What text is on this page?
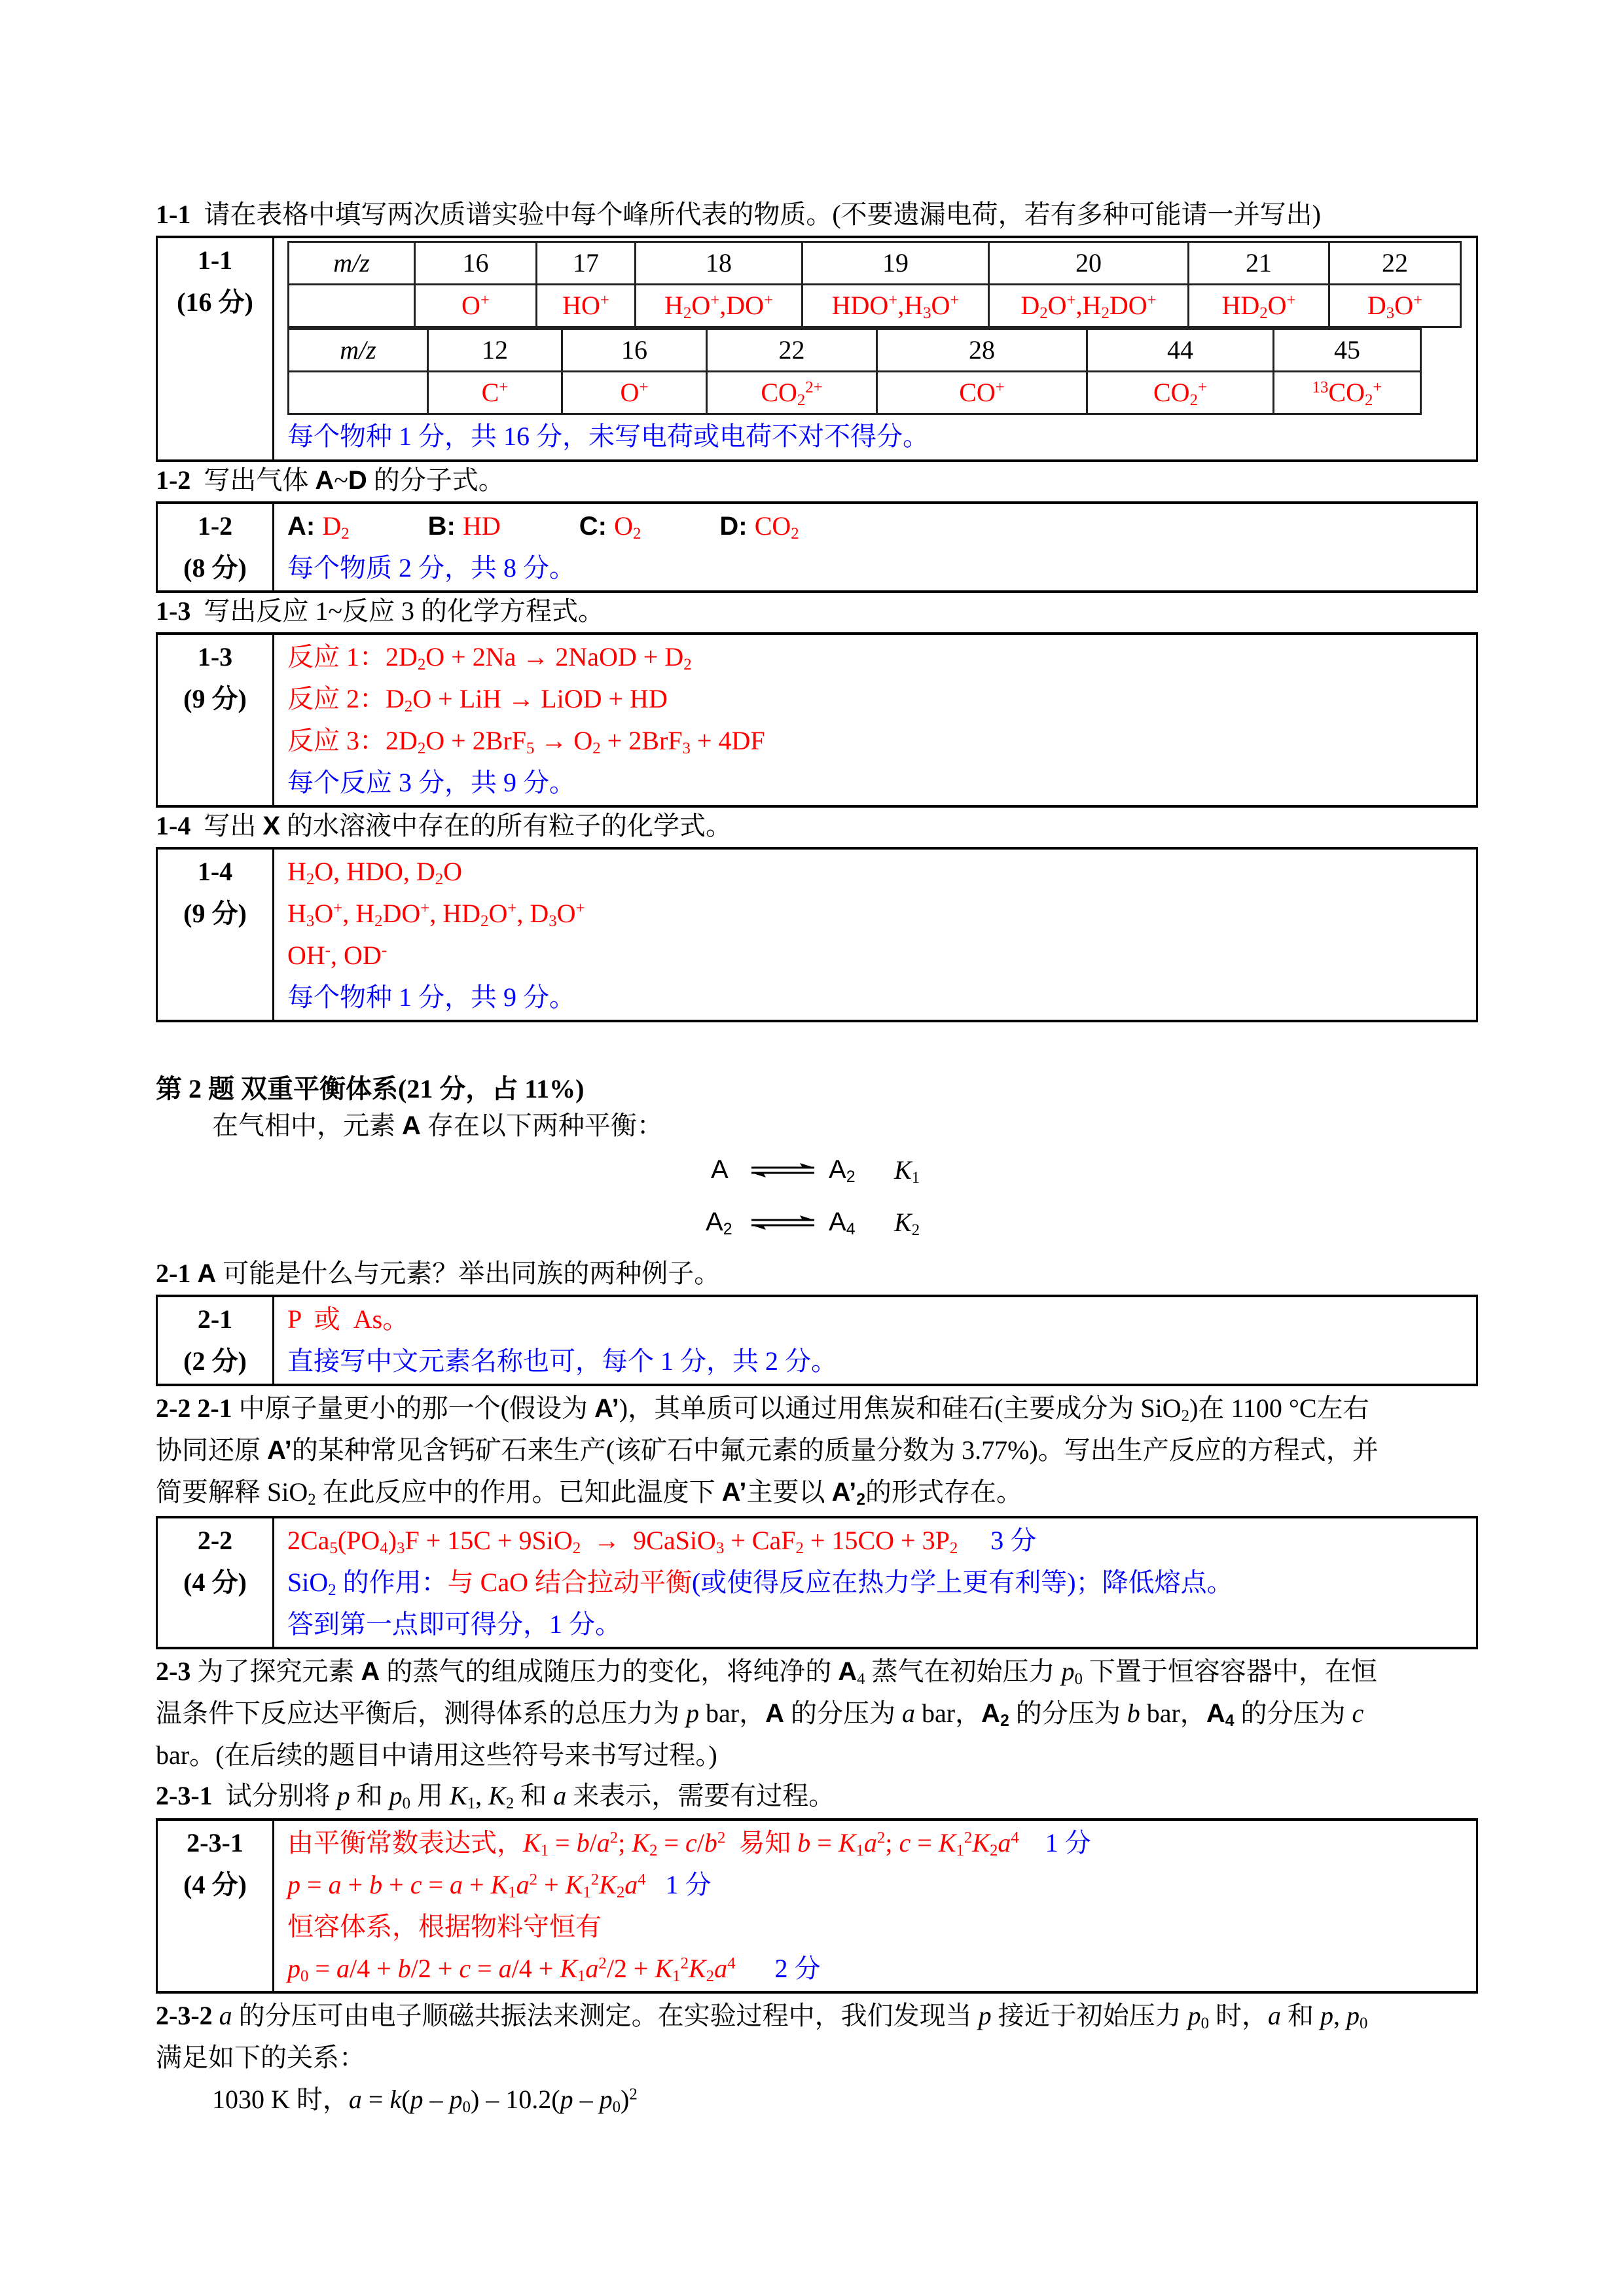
1-1 请在表格中填写两次质谱实验中每个峰所代表的物质。(不要遗漏电荷，若有多种可能请一并写出)

1-1
(16 分)

m/z	16	17	18	19	20	21	22
	O+	HO+	$H_2O^+,DO^+$	$HDO^+,H_3O^+$	$D_2O^+,H_2DO^+$	$HD_2O^+$	$D_3O^+$
m/z	12	16	22	28	44	45
	C+	O+	$CO_2^{2+}$	CO+	$CO_2^+$	$^{13}CO_2^+$
每个物种 1 分，共 16 分，未写电荷或电荷不对不得分。

1-2 写出气体 A~D 的分子式。

1-2
(8 分)

A: $D_2$	B: HD	C: $O_2$	D: $CO_2$
每个物质 2 分，共 8 分。

1-3 写出反应 1~反应 3 的化学方程式。

1-3
(9 分)

反应 1：$2D_2O + 2Na$ → 2NaOD + $D_2$
反应 2：$D_2O$ + LiH → LiOD + HD
反应 3：$2D_2O + 2BrF_5 \to O_2 + 2BrF_3 + 4DF$
每个反应 3 分，共 9 分。

1-4 写出 X 的水溶液中存在的所有粒子的化学式。

1-4
(9 分)

$H_2O$, HDO, $D_2O$
$H_3O^+$, $H_2DO^+$, $HD_2O^+$, $D_3O^+$
OH-, OD-
每个物种 1 分，共 9 分。

第 2 题 双重平衡体系(21 分，占 11%)

在气相中，元素 A 存在以下两种平衡：

A ⇌ $A_2$	$K_1$
$A_2$ ⇌ $A_4$	$K_2$

2-1 A 可能是什么与元素？举出同族的两种例子。

2-1
(2 分)

P  或  As。
直接写中文元素名称也可，每个 1 分，共 2 分。
2-2 2-1 中原子量更小的那一个(假设为 A’)，其单质可以通过用焦炭和硅石(主要成分为 SiO$_2$)在 1100 °C左右
协同还原 A’的某种常见含钙矿石来生产(该矿石中氟元素的质量分数为 3.77%)。写出生产反应的方程式，并
简要解释 SiO$_2$ 在此反应中的作用。已知此温度下 A’主要以 $A’_2$的形式存在。
2-2
(4 分)

$2Ca_5(PO_4)_3F + 15C + 9SiO_2$  →  9CaSiO$_3$ + $CaF_2 + 15CO + 3P_2$ 3 分
SiO$_2$ 的作用：与 CaO 结合拉动平衡(或使得反应在热力学上更有利等)；降低熔点。
答到第一点即可得分，1 分。
2-3 为了探究元素 A 的蒸气的组成随压力的变化，将纯净的 $A_4$ 蒸气在初始压力 $p_0$ 下置于恒容容器中，在恒
温条件下反应达平衡后，测得体系的总压力为 p bar，A 的分压为 a bar，$A_2$ 的分压为 b bar，$A_4$ 的分压为 c
bar。(在后续的题目中请用这些符号来书写过程。)

2-3-1 试分别将 p 和 $p_0$ 用 $K_1$, $K_2$ 和 a 来表示，需要有过程。

2-3-1
(4 分)

由平衡常数表达式，$K_1 = b/a^2$; $K_2 = c/b^2$  易知 $b = K_1a^2$; $c = K_1^2K_2a^4$    1 分
$p = a + b + c = a + K_1a^2 + K_1^2K_2a^4$   1 分
恒容体系，根据物料守恒有
$p_0 = a/4 + b/2 + c = a/4 + K_1a^2/2 + K_1^2K_2a^4$      2 分
2-3-2 a 的分压可由电子顺磁共振法来测定。在实验过程中，我们发现当 p 接近于初始压力 $p_0$ 时，a 和 p, $p_0$
满足如下的关系：
1030 K 时，$a = k(p - p_0) - 10.2(p - p_0)^2$
